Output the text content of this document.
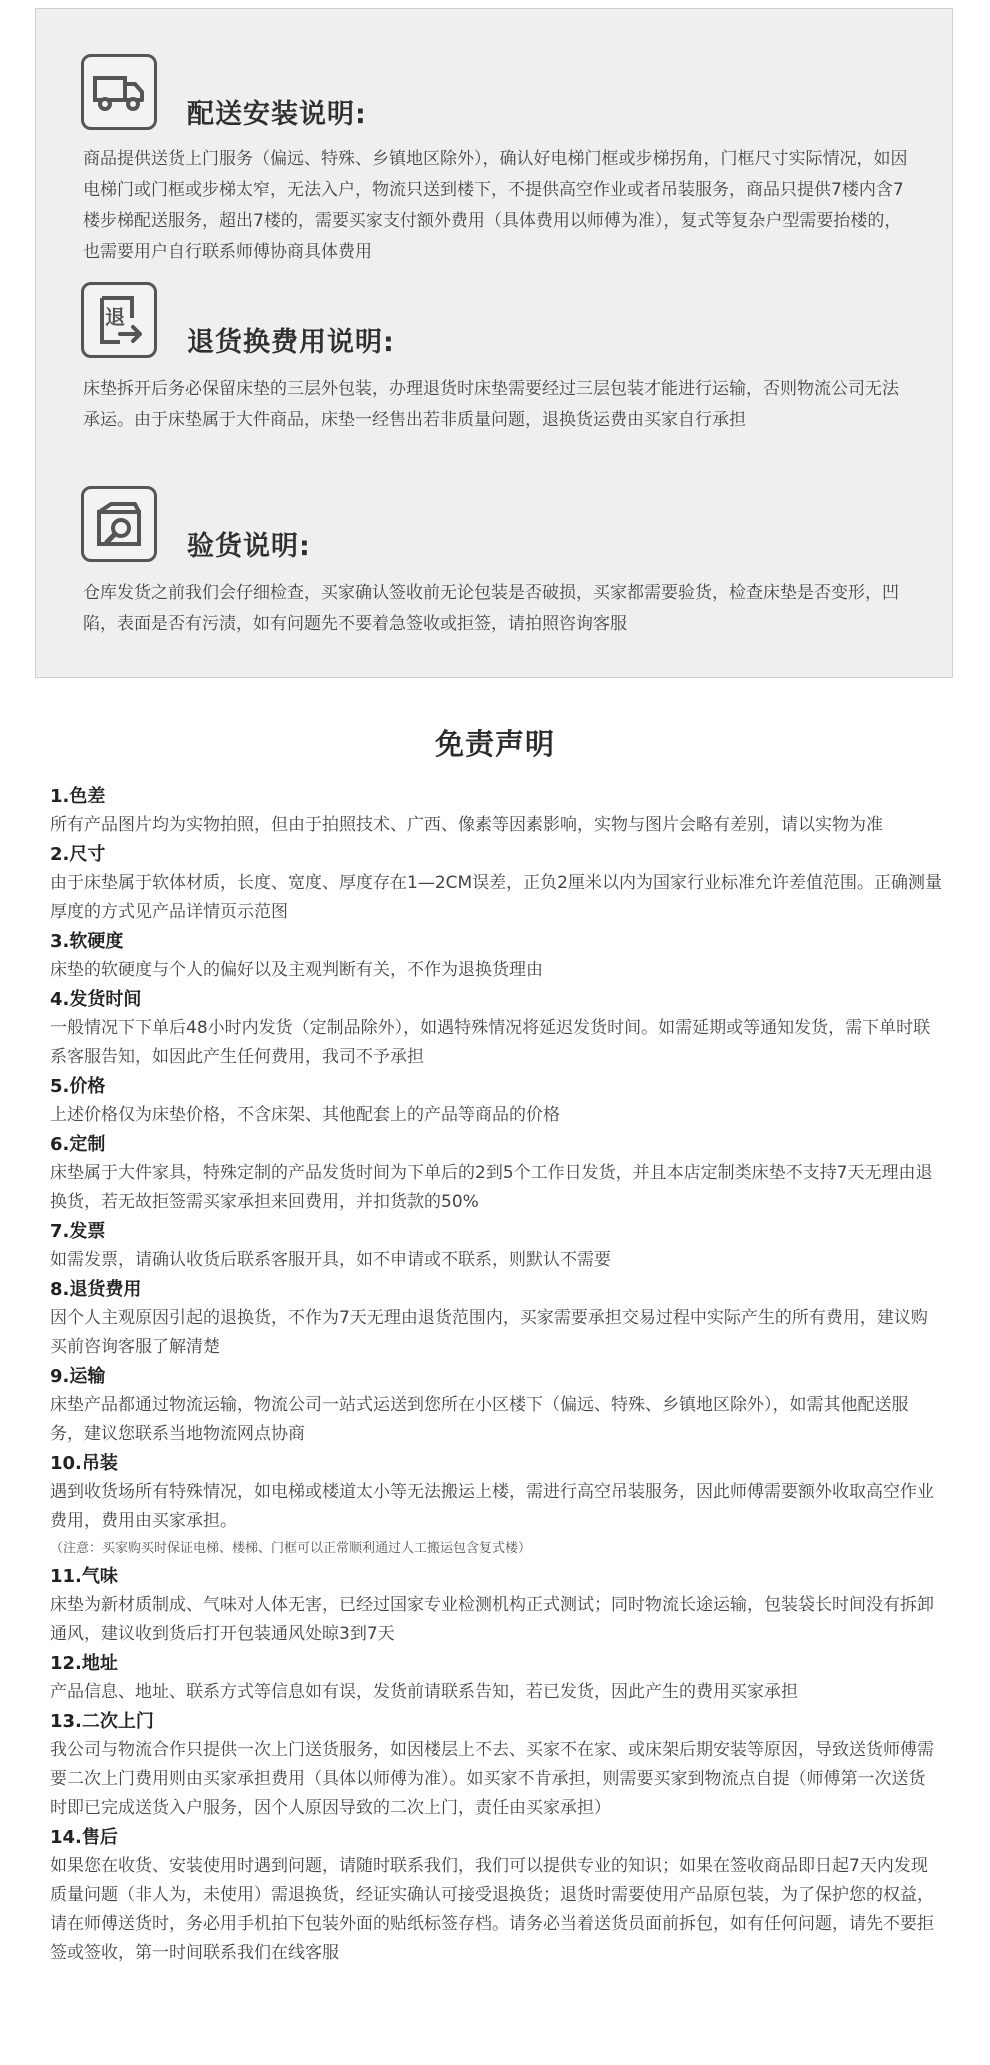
配送安装说明:
商品提供送货上门服务（偏远、特殊、乡镇地区除外），确认好电梯门框或步梯拐角，门框尺寸实际情况，如因电梯门或门框或步梯太窄，无法入户，物流只送到楼下，不提供高空作业或者吊装服务，商品只提供7楼内含7楼步梯配送服务，超出7楼的，需要买家支付额外费用（具体费用以师傅为准），复式等复杂户型需要抬楼的，也需要用户自行联系师傅协商具体费用
退
退货换费用说明:
床垫拆开后务必保留床垫的三层外包装，办理退货时床垫需要经过三层包装才能进行运输，否则物流公司无法承运。由于床垫属于大件商品，床垫一经售出若非质量问题，退换货运费由买家自行承担
验货说明:
仓库发货之前我们会仔细检查，买家确认签收前无论包装是否破损，买家都需要验货，检查床垫是否变形，凹陷，表面是否有污渍，如有问题先不要着急签收或拒签，请拍照咨询客服
免责声明
1.色差
所有产品图片均为实物拍照，但由于拍照技术、广西、像素等因素影响，实物与图片会略有差别，请以实物为准
2.尺寸
由于床垫属于软体材质，长度、宽度、厚度存在1—2CM误差，正负2厘米以内为国家行业标准允许差值范围。正确测量厚度的方式见产品详情页示范图
3.软硬度
床垫的软硬度与个人的偏好以及主观判断有关，不作为退换货理由
4.发货时间
一般情况下下单后48小时内发货（定制品除外），如遇特殊情况将延迟发货时间。如需延期或等通知发货，需下单时联系客服告知，如因此产生任何费用，我司不予承担
5.价格
上述价格仅为床垫价格，不含床架、其他配套上的产品等商品的价格
6.定制
床垫属于大件家具，特殊定制的产品发货时间为下单后的2到5个工作日发货，并且本店定制类床垫不支持7天无理由退换货，若无故拒签需买家承担来回费用，并扣货款的50%
7.发票
如需发票，请确认收货后联系客服开具，如不申请或不联系，则默认不需要
8.退货费用
因个人主观原因引起的退换货，不作为7天无理由退货范围内，买家需要承担交易过程中实际产生的所有费用，建议购买前咨询客服了解清楚
9.运输
床垫产品都通过物流运输，物流公司一站式运送到您所在小区楼下（偏远、特殊、乡镇地区除外），如需其他配送服务，建议您联系当地物流网点协商
10.吊装
遇到收货场所有特殊情况，如电梯或楼道太小等无法搬运上楼，需进行高空吊装服务，因此师傅需要额外收取高空作业费用，费用由买家承担。
（注意：买家购买时保证电梯、楼梯、门框可以正常顺利通过人工搬运包含复式楼）
11.气味
床垫为新材质制成、气味对人体无害，已经过国家专业检测机构正式测试；同时物流长途运输，包装袋长时间没有拆卸通风，建议收到货后打开包装通风处晾3到7天
12.地址
产品信息、地址、联系方式等信息如有误，发货前请联系告知，若已发货，因此产生的费用买家承担
13.二次上门
我公司与物流合作只提供一次上门送货服务，如因楼层上不去、买家不在家、或床架后期安装等原因，导致送货师傅需要二次上门费用则由买家承担费用（具体以师傅为准）。如买家不肯承担，则需要买家到物流点自提（师傅第一次送货时即已完成送货入户服务，因个人原因导致的二次上门，责任由买家承担）
14.售后
如果您在收货、安装使用时遇到问题，请随时联系我们，我们可以提供专业的知识；如果在签收商品即日起7天内发现质量问题（非人为，未使用）需退换货，经证实确认可接受退换货；退货时需要使用产品原包装，为了保护您的权益，请在师傅送货时，务必用手机拍下包装外面的贴纸标签存档。请务必当着送货员面前拆包，如有任何问题，请先不要拒签或签收，第一时间联系我们在线客服
